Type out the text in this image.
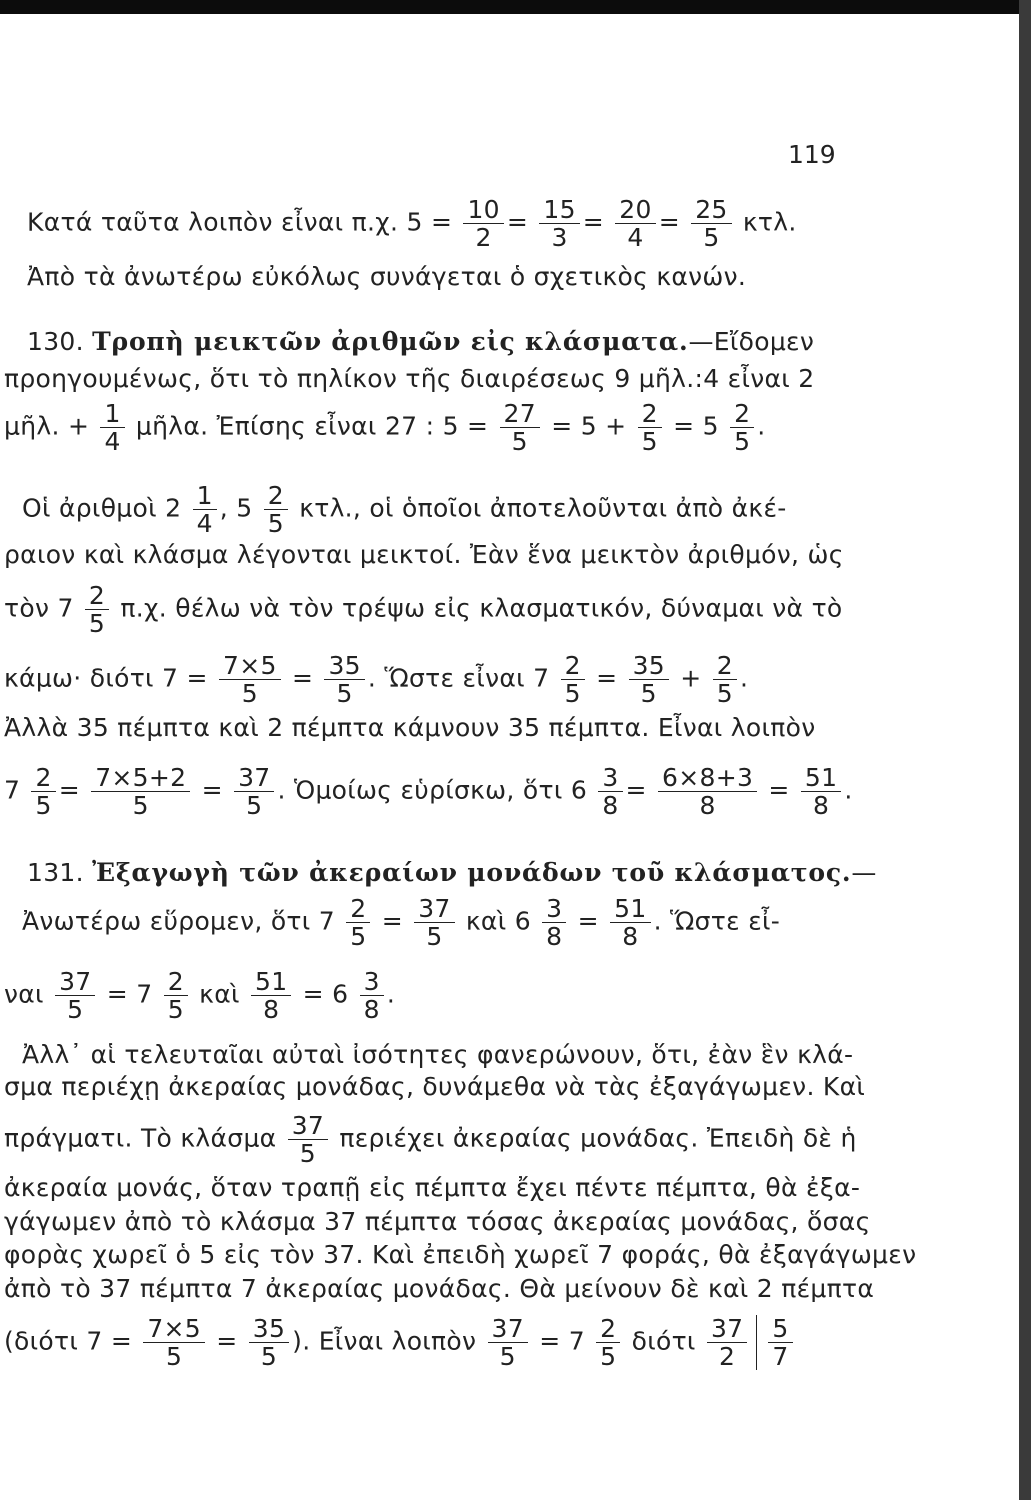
119
Κατά ταῦτα λοιπὸν εἶναι π.χ. $5 = \frac{10}{2} = \frac{15}{3} = \frac{20}{4} = \frac{25}{5} \kappa\tau\lambda$.
Ἀπὸ τὰ ἀνωτέρω εὐκόλως συνάγεται ὁ σχετικὸς κανών.
130. Τροπὴ μεικτῶν ἀριθμῶν εἰς κλάσματα.—Εἴδομεν
προηγουμένως, ὅτι τὸ πηλίκον τῆς διαιρέσεως 9 μῆλ.:4 εἶναι 2
μῆλ. + $\frac{1}{4}$ μῆλα. Ἐπίσης εἶναι 27 : $5 = \frac{27}{5} = 5 + \frac{2}{5} = 5 \frac{2}{5}$ .
Οἱ ἀριθμοὶ $2 \frac{1}{4}$ , $5 \frac{2}{5} \kappa\tau\lambda$., οἱ ὁποῖοι ἀποτελοῦνται ἀπὸ ἀκέ-
ραιον καὶ κλάσμα λέγονται μεικτοί. Ἐὰν ἕνα μεικτὸν ἀριθμόν, ὡς
τὸν $7 \frac{2}{5} \pi.\chi$. θέλω νὰ τὸν τρέψω εἰς κλασματικόν, δύναμαι νὰ τὸ
κάμω· διότι $7 = \frac{7\times 5}{5} = \frac{35}{5}$ . Ὥστε εἶναι $7 \frac{2}{5} = \frac{35}{5} + \frac{2}{5}$ .
Ἀλλὰ 35 πέμπτα καὶ 2 πέμπτα κάμνουν 35 πέμπτα. Εἶναι λοιπὸν
$7 \frac{2}{5} = \frac{7\times 5+2}{5} = \frac{37}{5}$ . Ὁμοίως εὑρίσκω, ὅτι $6 \frac{3}{8} = \frac{6\times 8+3}{8} = \frac{51}{8}$ .
131. Ἐξαγωγὴ τῶν ἀκεραίων μονάδων τοῦ κλάσματος.—
Ἀνωτέρω εὕρομεν, ὅτι $7 \frac{2}{5} = \frac{37}{5}$ καὶ $6 \frac{3}{8} = \frac{51}{8}$ . Ὥστε εἶ-
ναι $\frac{37}{5} = 7 \frac{2}{5}$ καὶ $\frac{51}{8} = 6 \frac{3}{8}$ .
Ἀλλ᾽ αἱ τελευταῖαι αὐταὶ ἰσότητες φανερώνουν, ὅτι, ἐὰν ἓν κλά-
σμα περιέχῃ ἀκεραίας μονάδας, δυνάμεθα νὰ τὰς ἐξαγάγωμεν. Καὶ
πράγματι. Τὸ κλάσμα $\frac{37}{5}$ περιέχει ἀκεραίας μονάδας. Ἐπειδὴ δὲ ἡ
ἀκεραία μονάς, ὅταν τραπῇ εἰς πέμπτα ἔχει πέντε πέμπτα, θὰ ἐξα-
γάγωμεν ἀπὸ τὸ κλάσμα 37 πέμπτα τόσας ἀκεραίας μονάδας, ὅσας
φορὰς χωρεῖ ὁ 5 εἰς τὸν 37. Καὶ ἐπειδὴ χωρεῖ 7 φοράς, θὰ ἐξαγάγωμεν
ἀπὸ τὸ 37 πέμπτα 7 ἀκεραίας μονάδας. Θὰ μείνουν δὲ καὶ 2 πέμπτα
(διότι $7 = \frac{7\times 5}{5} = \frac{35}{5}$ ). Εἶναι λοιπὸν $\frac{37}{5} = 7 \frac{2}{5}$ διότι $\frac{37}{2} \frac{5}{7}$
